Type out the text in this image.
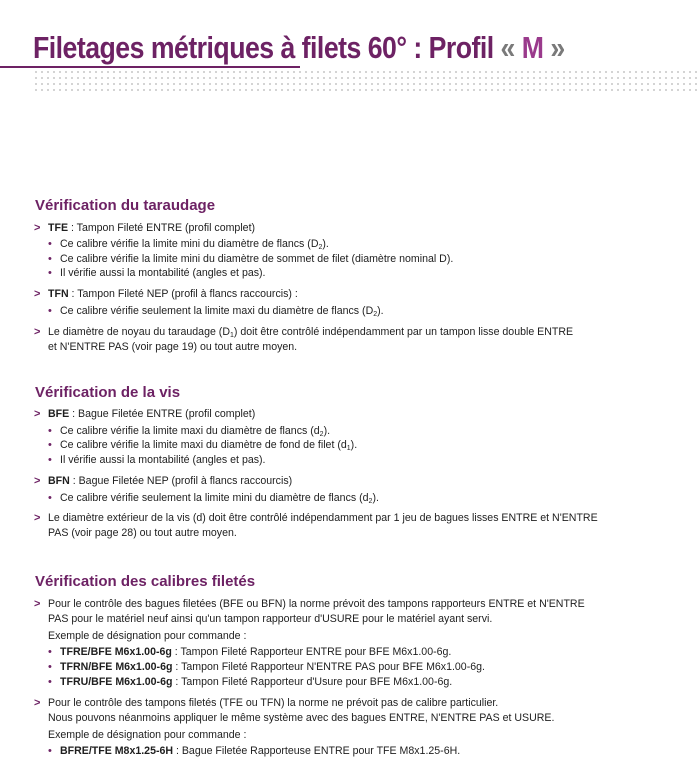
Filetages métriques à filets 60° : Profil « M »
Vérification du taraudage
> TFE : Tampon Fileté ENTRE (profil complet)
• Ce calibre vérifie la limite mini du diamètre de flancs $(D_2)$.
• Ce calibre vérifie la limite mini du diamètre de sommet de filet (diamètre nominal D).
• Il vérifie aussi la montabilité (angles et pas).
> TFN : Tampon Fileté NEP (profil à flancs raccourcis) :
• Ce calibre vérifie seulement la limite maxi du diamètre de flancs $(D_2)$.
> Le diamètre de noyau du taraudage $(D_1)$ doit être contrôlé indépendamment par un tampon lisse double ENTRE
et N'ENTRE PAS (voir page 19) ou tout autre moyen.
Vérification de la vis
> BFE : Bague Filetée ENTRE (profil complet)
• Ce calibre vérifie la limite maxi du diamètre de flancs $(d_2)$.
• Ce calibre vérifie la limite maxi du diamètre de fond de filet $(d_1)$.
• Il vérifie aussi la montabilité (angles et pas).
> BFN : Bague Filetée NEP (profil à flancs raccourcis)
• Ce calibre vérifie seulement la limite mini du diamètre de flancs $(d_2)$.
> Le diamètre extérieur de la vis (d) doit être contrôlé indépendamment par 1 jeu de bagues lisses ENTRE et N'ENTRE
PAS (voir page 28) ou tout autre moyen.
Vérification des calibres filetés
> Pour le contrôle des bagues filetées (BFE ou BFN) la norme prévoit des tampons rapporteurs ENTRE et N'ENTRE
PAS pour le matériel neuf ainsi qu'un tampon rapporteur d'USURE pour le matériel ayant servi.
Exemple de désignation pour commande :
• TFRE/BFE M6x1.00-6g : Tampon Fileté Rapporteur ENTRE pour BFE M6x1.00-6g.
• TFRN/BFE M6x1.00-6g : Tampon Fileté Rapporteur N'ENTRE PAS pour BFE M6x1.00-6g.
• TFRU/BFE M6x1.00-6g : Tampon Fileté Rapporteur d'Usure pour BFE M6x1.00-6g.
> Pour le contrôle des tampons filetés (TFE ou TFN) la norme ne prévoit pas de calibre particulier.
Nous pouvons néanmoins appliquer le même système avec des bagues ENTRE, N'ENTRE PAS et USURE.
Exemple de désignation pour commande :
• BFRE/TFE M8x1.25-6H : Bague Filetée Rapporteuse ENTRE pour TFE M8x1.25-6H.
